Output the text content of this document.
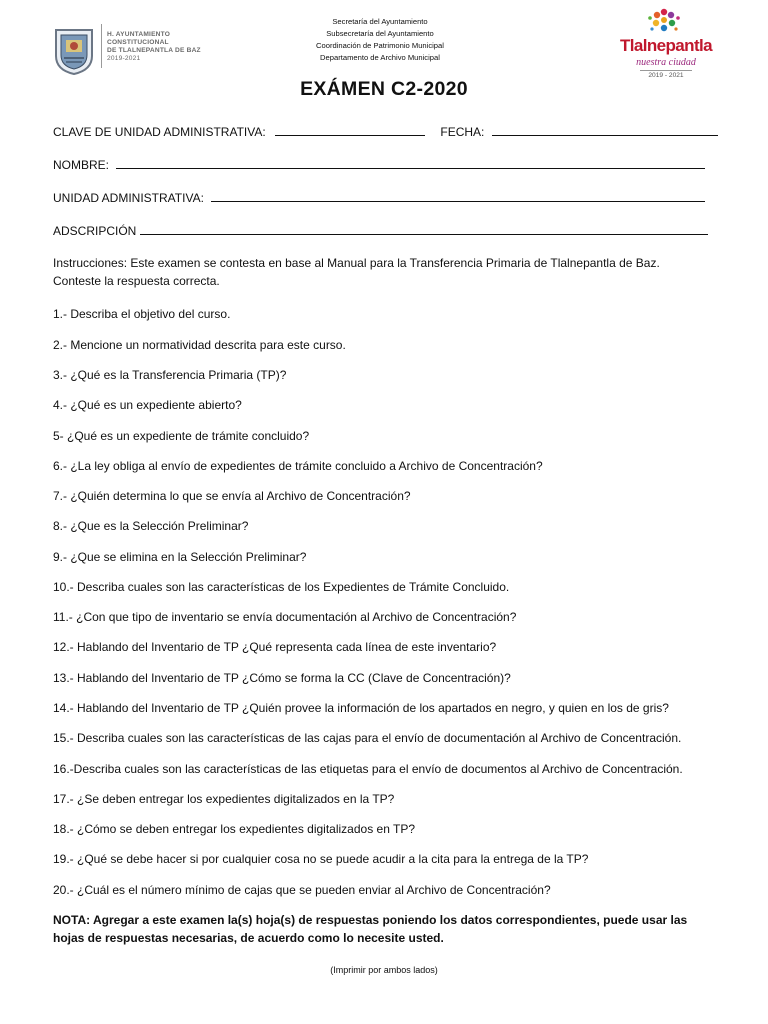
H. AYUNTAMIENTO
CONSTITUCIONAL
DE TLALNEPANTLA DE BAZ
2019-2021
Secretaría del Ayuntamiento
Subsecretaría del Ayuntamiento
Coordinación de Patrimonio Municipal
Departamento de Archivo Municipal
Tlalnepantla
nuestra ciudad
2019 - 2021
EXÁMEN C2-2020
CLAVE DE UNIDAD ADMINISTRATIVA:	FECHA:
NOMBRE:
UNIDAD ADMINISTRATIVA:
ADSCRIPCIÓN
Instrucciones: Este examen se contesta en base al Manual para la Transferencia Primaria de Tlalnepantla de Baz.
Conteste la respuesta correcta.
1.- Describa el objetivo del curso.
2.- Mencione un normatividad descrita para este curso.
3.- ¿Qué es la Transferencia Primaria (TP)?
4.- ¿Qué es un expediente abierto?
5- ¿Qué es un expediente de trámite concluido?
6.- ¿La ley obliga al envío de expedientes de trámite concluido a Archivo de Concentración?
7.- ¿Quién determina lo que se envía al Archivo de Concentración?
8.- ¿Que es la Selección Preliminar?
9.- ¿Que se elimina en la Selección Preliminar?
10.- Describa cuales son las características de los Expedientes de Trámite Concluido.
11.- ¿Con que tipo de inventario se envía documentación al Archivo de Concentración?
12.- Hablando del Inventario de TP ¿Qué representa cada línea de este inventario?
13.- Hablando del Inventario de TP ¿Cómo se forma la CC (Clave de Concentración)?
14.- Hablando del Inventario de TP ¿Quién provee la información de los apartados en negro, y quien en los de gris?
15.- Describa cuales son las características de las cajas para el envío de documentación al Archivo de Concentración.
16.-Describa cuales son las características de las etiquetas para el envío de documentos al Archivo de Concentración.
17.- ¿Se deben entregar los expedientes digitalizados en la TP?
18.- ¿Cómo se deben entregar los expedientes digitalizados en TP?
19.- ¿Qué se debe hacer si por cualquier cosa no se puede acudir a la cita para la entrega de la TP?
20.- ¿Cuál es el número mínimo de cajas que se pueden enviar al Archivo de Concentración?
NOTA: Agregar a este examen la(s) hoja(s) de respuestas poniendo los datos correspondientes, puede usar las
hojas de respuestas necesarias, de acuerdo como lo necesite usted.
(Imprimir por ambos lados)
